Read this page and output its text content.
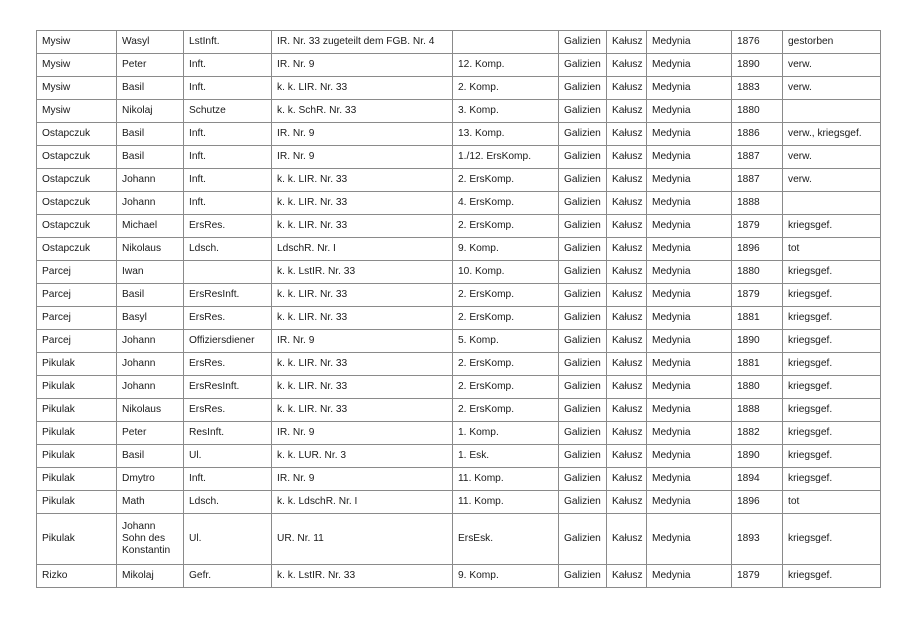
Mysiw	Wasyl	LstInft.	IR. Nr. 33 zugeteilt dem FGB. Nr. 4		Galizien	Kałusz	Medynia	1876	gestorben
Mysiw	Peter	Inft.	IR. Nr. 9	12. Komp.	Galizien	Kałusz	Medynia	1890	verw.
Mysiw	Basil	Inft.	k. k. LIR. Nr. 33	2. Komp.	Galizien	Kałusz	Medynia	1883	verw.
Mysiw	Nikolaj	Schutze	k. k. SchR. Nr. 33	3. Komp.	Galizien	Kałusz	Medynia	1880	
Ostapczuk	Basil	Inft.	IR. Nr. 9	13. Komp.	Galizien	Kałusz	Medynia	1886	verw., kriegsgef.
Ostapczuk	Basil	Inft.	IR. Nr. 9	1./12. ErsKomp.	Galizien	Kałusz	Medynia	1887	verw.
Ostapczuk	Johann	Inft.	k. k. LIR. Nr. 33	2. ErsKomp.	Galizien	Kałusz	Medynia	1887	verw.
Ostapczuk	Johann	Inft.	k. k. LIR. Nr. 33	4. ErsKomp.	Galizien	Kałusz	Medynia	1888	
Ostapczuk	Michael	ErsRes.	k. k. LIR. Nr. 33	2. ErsKomp.	Galizien	Kałusz	Medynia	1879	kriegsgef.
Ostapczuk	Nikolaus	Ldsch.	LdschR. Nr. I	9. Komp.	Galizien	Kałusz	Medynia	1896	tot
Parcej	Iwan		k. k. LstIR. Nr. 33	10. Komp.	Galizien	Kałusz	Medynia	1880	kriegsgef.
Parcej	Basil	ErsResInft.	k. k. LIR. Nr. 33	2. ErsKomp.	Galizien	Kałusz	Medynia	1879	kriegsgef.
Parcej	Basyl	ErsRes.	k. k. LIR. Nr. 33	2. ErsKomp.	Galizien	Kałusz	Medynia	1881	kriegsgef.
Parcej	Johann	Offiziersdiener	IR. Nr. 9	5. Komp.	Galizien	Kałusz	Medynia	1890	kriegsgef.
Pikulak	Johann	ErsRes.	k. k. LIR. Nr. 33	2. ErsKomp.	Galizien	Kałusz	Medynia	1881	kriegsgef.
Pikulak	Johann	ErsResInft.	k. k. LIR. Nr. 33	2. ErsKomp.	Galizien	Kałusz	Medynia	1880	kriegsgef.
Pikulak	Nikolaus	ErsRes.	k. k. LIR. Nr. 33	2. ErsKomp.	Galizien	Kałusz	Medynia	1888	kriegsgef.
Pikulak	Peter	ResInft.	IR. Nr. 9	1. Komp.	Galizien	Kałusz	Medynia	1882	kriegsgef.
Pikulak	Basil	Ul.	k. k. LUR. Nr. 3	1. Esk.	Galizien	Kałusz	Medynia	1890	kriegsgef.
Pikulak	Dmytro	Inft.	IR. Nr. 9	11. Komp.	Galizien	Kałusz	Medynia	1894	kriegsgef.
Pikulak	Math	Ldsch.	k. k. LdschR. Nr. I	11. Komp.	Galizien	Kałusz	Medynia	1896	tot
Pikulak	Johann Sohn des Konstantin	Ul.	UR. Nr. 11	ErsEsk.	Galizien	Kałusz	Medynia	1893	kriegsgef.
Rizko	Mikolaj	Gefr.	k. k. LstIR. Nr. 33	9. Komp.	Galizien	Kałusz	Medynia	1879	kriegsgef.
